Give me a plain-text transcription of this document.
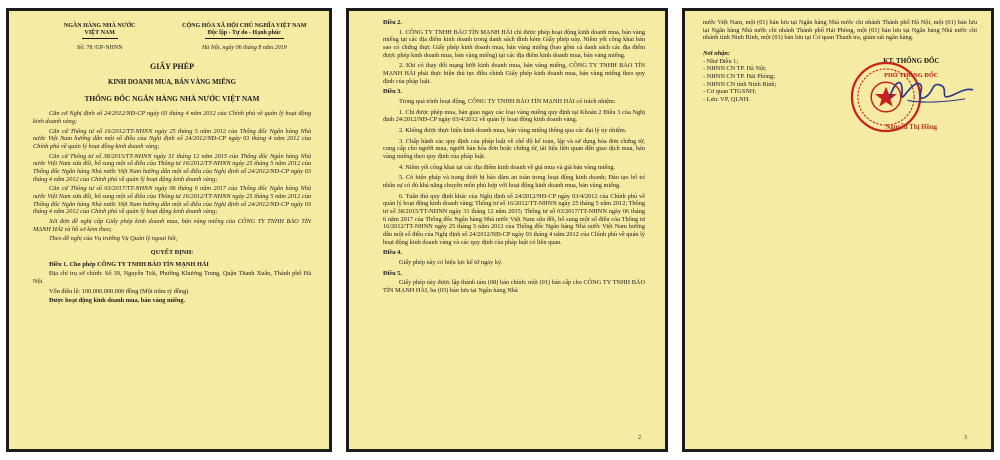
NGÂN HÀNG NHÀ NƯỚC

VIỆT NAM

Số: 78 /GP-NHNN

CỘNG HÒA XÃ HỘI CHỦ NGHĨA VIỆT NAM

Độc lập - Tự do - Hạnh phúc

Hà Nội, ngày 06 tháng 8 năm 2019

GIẤY PHÉP

KINH DOANH MUA, BÁN VÀNG MIẾNG

THỐNG ĐỐC NGÂN HÀNG NHÀ NƯỚC VIỆT NAM

Căn cứ Nghị định số 24/2012/NĐ-CP ngày 03 tháng 4 năm 2012 của Chính phủ về quản lý hoạt động kinh doanh vàng;

Căn cứ Thông tư số 16/2012/TT-NHNN ngày 25 tháng 5 năm 2012 của Thống đốc Ngân hàng Nhà nước Việt Nam hướng dẫn một số điều của Nghị định số 24/2012/NĐ-CP ngày 03 tháng 4 năm 2012 của Chính phủ về quản lý hoạt động kinh doanh vàng;

Căn cứ Thông tư số 38/2015/TT-NHNN ngày 31 tháng 12 năm 2015 của Thống đốc Ngân hàng Nhà nước Việt Nam sửa đổi, bổ sung một số điều của Thông tư 16/2012/TT-NHNN ngày 25 tháng 5 năm 2012 của Thống đốc Ngân hàng Nhà nước Việt Nam hướng dẫn một số điều của Nghị định số 24/2012/NĐ-CP ngày 03 tháng 4 năm 2012 của Chính phủ về quản lý hoạt động kinh doanh vàng;

Căn cứ Thông tư số 03/2017/TT-NHNN ngày 06 tháng 6 năm 2017 của Thống đốc Ngân hàng Nhà nước Việt Nam sửa đổi, bổ sung một số điều của Thông tư 16/2012/TT-NHNN ngày 25 tháng 5 năm 2012 của Thống đốc Ngân hàng Nhà nước Việt Nam hướng dẫn một số điều của Nghị định số 24/2012/NĐ-CP ngày 03 tháng 4 năm 2012 của Chính phủ về quản lý hoạt động kinh doanh vàng;

Xét đơn đề nghị cấp Giấy phép kinh doanh mua, bán vàng miếng của CÔNG TY TNHH BẢO TÍN MẠNH HẢI và hồ sơ kèm theo;

Theo đề nghị của Vụ trưởng Vụ Quản lý ngoại hối,

QUYẾT ĐỊNH:

Điều 1. Cho phép CÔNG TY TNHH BẢO TÍN MẠNH HẢI

Địa chỉ trụ sở chính: Số 39, Nguyễn Trãi, Phường Khương Trung, Quận Thanh Xuân, Thành phố Hà Nội

Vốn điều lệ: 100.000.000.000 đồng (Một trăm tỷ đồng)

Được hoạt động kinh doanh mua, bán vàng miếng.

Điều 2.

1. CÔNG TY TNHH BẢO TÍN MẠNH HẢI chỉ được phép hoạt động kinh doanh mua, bán vàng miếng tại các địa điểm kinh doanh trong danh sách đính kèm Giấy phép này. Niêm yết công khai bản sao có chứng thực Giấy phép kinh doanh mua, bán vàng miếng (bao gồm cả danh sách các địa điểm được phép kinh doanh mua, bán vàng miếng) tại các địa điểm kinh doanh mua, bán vàng miếng.

2. Khi có thay đổi mạng lưới kinh doanh mua, bán vàng miếng, CÔNG TY TNHH BẢO TÍN MẠNH HẢI phải thực hiện thủ tục điều chỉnh Giấy phép kinh doanh mua, bán vàng miếng theo quy định của pháp luật.

Điều 3.

Trong quá trình hoạt động, CÔNG TY TNHH BẢO TÍN MẠNH HẢI có trách nhiệm:

1. Chỉ được phép mua, bán giao ngay các loại vàng miếng quy định tại Khoản 2 Điều 3 của Nghị định 24/2012/NĐ-CP ngày 03/4/2012 về quản lý hoạt động kinh doanh vàng.

2. Không được thực hiện kinh doanh mua, bán vàng miếng thông qua các đại lý ủy nhiệm.

3. Chấp hành các quy định của pháp luật về chế độ kế toán, lập và sử dụng hóa đơn chứng từ, cung cấp cho người mua, người bán hóa đơn hoặc chứng từ, tài liệu liên quan đến giao dịch mua, bán vàng miếng theo quy định của pháp luật.

4. Niêm yết công khai tại các địa điểm kinh doanh về giá mua và giá bán vàng miếng.

5. Có biện pháp và trang thiết bị bảo đảm an toàn trong hoạt động kinh doanh; Đào tạo bố trí nhân sự có đủ khả năng chuyên môn phù hợp với hoạt động kinh doanh mua, bán vàng miếng.

6. Tuân thủ quy định khác của Nghị định số 24/2012/NĐ-CP ngày 03/4/2012 của Chính phủ về quản lý hoạt động kinh doanh vàng; Thông tư số 16/2012/TT-NHNN ngày 25 tháng 5 năm 2012; Thông tư số 38/2015/TT-NHNN ngày 31 tháng 12 năm 2015; Thông tư số 03/2017/TT-NHNN ngày 06 tháng 6 năm 2017 của Thống đốc Ngân hàng Nhà nước Việt Nam sửa đổi, bổ sung một số điều của Thông tư 16/2012/TT-NHNN ngày 25 tháng 5 năm 2012 của Thống đốc Ngân hàng Nhà nước Việt Nam hướng dẫn một số điều của Nghị định số 24/2012/NĐ-CP ngày 03 tháng 4 năm 2012 của Chính phủ về quản lý hoạt động kinh doanh vàng và các quy định của pháp luật có liên quan.

Điều 4.

Giấy phép này có hiệu lực kể từ ngày ký.

Điều 5.

Giấy phép này được lập thành tám (08) bản chính: một (01) bản cấp cho CÔNG TY TNHH BẢO TÍN MẠNH HẢI, ba (03) bản lưu tại Ngân hàng Nhà

2

nước Việt Nam, một (01) bản lưu tại Ngân hàng Nhà nước chi nhánh Thành phố Hà Nội, một (01) bản lưu tại Ngân hàng Nhà nước chi nhánh Thành phố Hải Phòng, một (01) bản lưu tại Ngân hàng Nhà nước chi nhánh tỉnh Ninh Bình, một (01) bản lưu tại Cơ quan Thanh tra, giám sát ngân hàng.

Nơi nhận:

- Như Điều 1;

- NHNN CN TP. Hà Nội;

- NHNN CN TP. Hải Phòng;

- NHNN CN tỉnh Ninh Bình;

- Cơ quan TTGSNH;

- Lưu: VP, QLNH.

KT. THỐNG ĐỐC

PHÓ THỐNG ĐỐC

Nguyễn Thị Hồng

3
